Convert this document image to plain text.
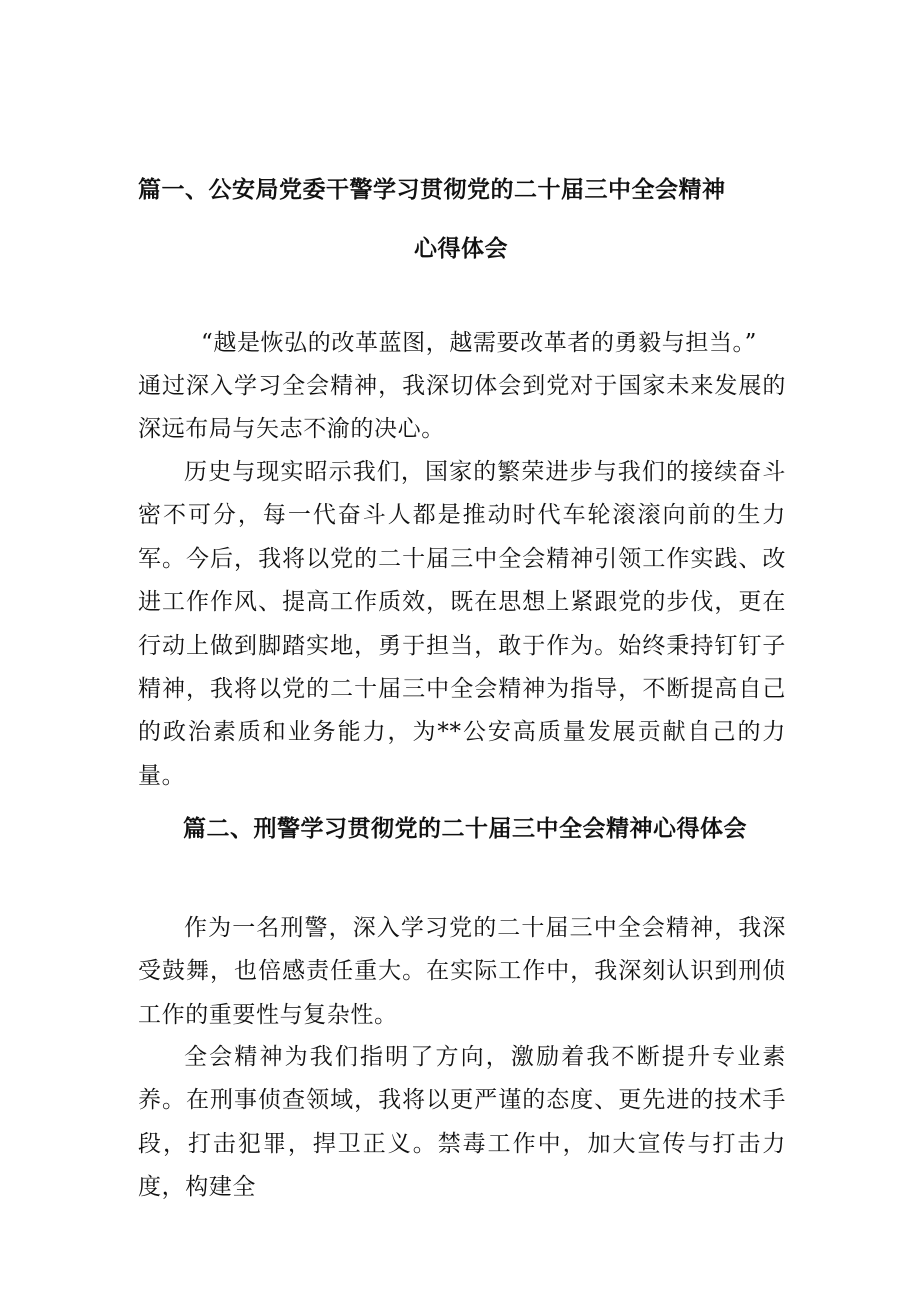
篇一、公安局党委干警学习贯彻党的二十届三中全会精神
心得体会
“越是恢弘的改革蓝图，越需要改革者的勇毅与担当。”
通过深入学习全会精神，我深切体会到党对于国家未来发展的深远布局与矢志不渝的决心。
历史与现实昭示我们，国家的繁荣进步与我们的接续奋斗密不可分，每一代奋斗人都是推动时代车轮滚滚向前的生力军。今后，我将以党的二十届三中全会精神引领工作实践、改进工作作风、提高工作质效，既在思想上紧跟党的步伐，更在行动上做到脚踏实地，勇于担当，敢于作为。始终秉持钉钉子精神，我将以党的二十届三中全会精神为指导，不断提高自己的政治素质和业务能力，为**公安高质量发展贡献自己的力量。
篇二、刑警学习贯彻党的二十届三中全会精神心得体会
作为一名刑警，深入学习党的二十届三中全会精神，我深受鼓舞，也倍感责任重大。在实际工作中，我深刻认识到刑侦工作的重要性与复杂性。
全会精神为我们指明了方向，激励着我不断提升专业素养。在刑事侦查领域，我将以更严谨的态度、更先进的技术手段，打击犯罪，捍卫正义。禁毒工作中，加大宣传与打击力度，构建全
